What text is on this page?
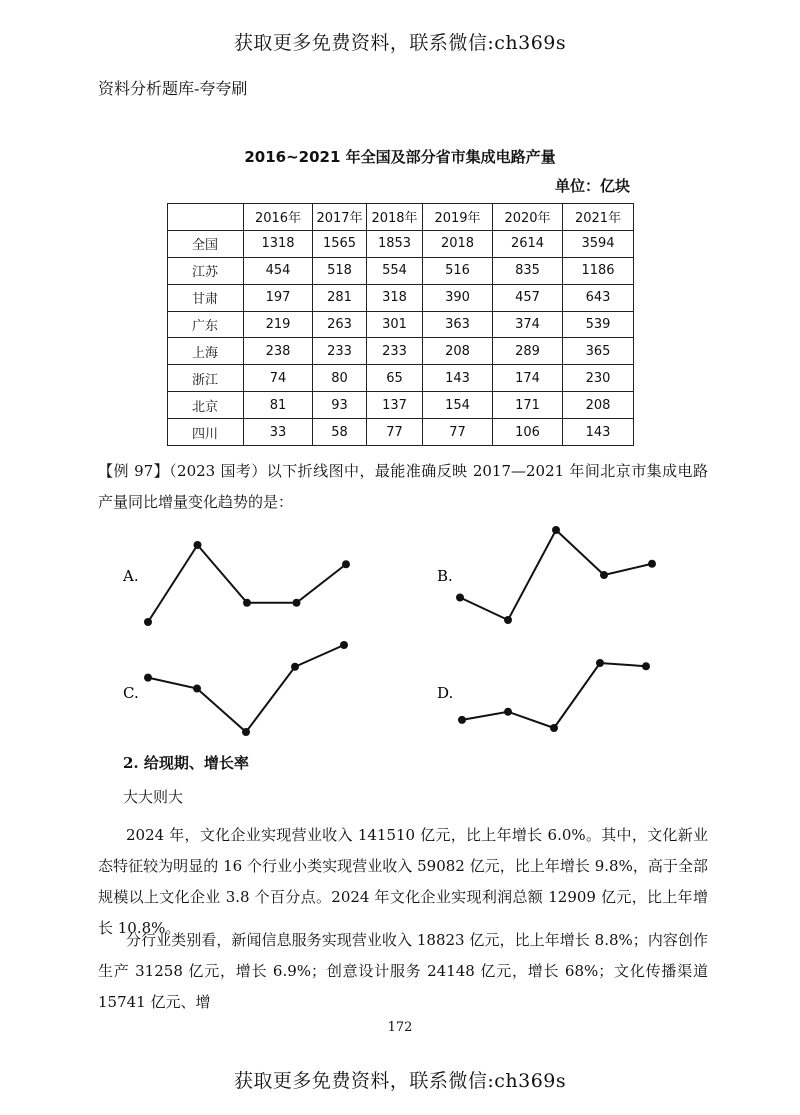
获取更多免费资料，联系微信:ch369s
资料分析题库-夸夸刷
2016~2021 年全国及部分省市集成电路产量
单位：亿块
	2016年	2017年	2018年	2019年	2020年	2021年
全国	1318	1565	1853	2018	2614	3594
江苏	454	518	554	516	835	1186
甘肃	197	281	318	390	457	643
广东	219	263	301	363	374	539
上海	238	233	233	208	289	365
浙江	74	80	65	143	174	230
北京	81	93	137	154	171	208
四川	33	58	77	77	106	143
【例 97】（2023 国考）以下折线图中，最能准确反映 2017—2021 年间北京市集成电路产量同比增量变化趋势的是：
A.	B.
C.	D.
2. 给现期、增长率
大大则大
2024 年，文化企业实现营业收入 141510 亿元，比上年增长 6.0%。其中，文化新业态特征较为明显的 16 个行业小类实现营业收入 59082 亿元，比上年增长 9.8%，高于全部规模以上文化企业 3.8 个百分点。2024 年文化企业实现利润总额 12909 亿元，比上年增长 10.8%。
分行业类别看，新闻信息服务实现营业收入 18823 亿元，比上年增长 8.8%；内容创作生产 31258 亿元，增长 6.9%；创意设计服务 24148 亿元，增长 68%；文化传播渠道 15741 亿元、增
172
获取更多免费资料，联系微信:ch369s
